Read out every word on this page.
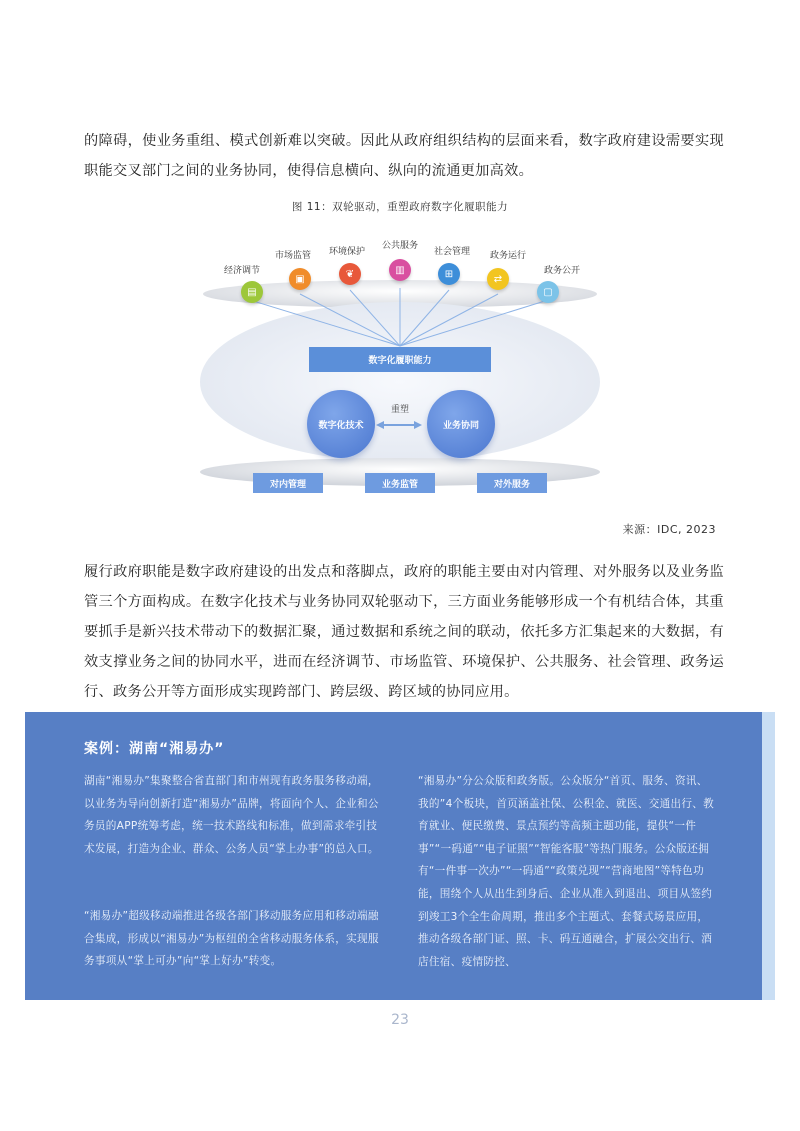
的障碍，使业务重组、模式创新难以突破。因此从政府组织结构的层面来看，数字政府建设需要实现职能交叉部门之间的业务协同，使得信息横向、纵向的流通更加高效。

图 11：双轮驱动，重塑政府数字化履职能力
经济调节
▤
市场监管
▣
环境保护
❦
公共服务
▥
社会管理
⊞
政务运行
⇄
政务公开
▢
数字化履职能力
数字化技术	业务协同
重塑
对内管理	业务监管	对外服务
来源：IDC, 2023

履行政府职能是数字政府建设的出发点和落脚点，政府的职能主要由对内管理、对外服务以及业务监管三个方面构成。在数字化技术与业务协同双轮驱动下，三方面业务能够形成一个有机结合体，其重要抓手是新兴技术带动下的数据汇聚，通过数据和系统之间的联动，依托多方汇集起来的大数据，有效支撑业务之间的协同水平，进而在经济调节、市场监管、环境保护、公共服务、社会管理、政务运行、政务公开等方面形成实现跨部门、跨层级、跨区域的协同应用。

案例：湖南“湘易办”

湖南“湘易办”集聚整合省直部门和市州现有政务服务移动端，以业务为导向创新打造“湘易办”品牌，将面向个人、企业和公务员的APP统筹考虑，统一技术路线和标准，做到需求牵引技术发展，打造为企业、群众、公务人员“掌上办事”的总入口。

“湘易办”超级移动端推进各级各部门移动服务应用和移动端融合集成，形成以“湘易办”为枢纽的全省移动服务体系，实现服务事项从“掌上可办”向“掌上好办”转变。

“湘易办”分公众版和政务版。公众版分“首页、服务、资讯、我的”4个板块，首页涵盖社保、公积金、就医、交通出行、教育就业、便民缴费、景点预约等高频主题功能，提供“一件事”“一码通”“电子证照”“智能客服”等热门服务。公众版还拥有“一件事一次办”“一码通”“政策兑现”“营商地图”等特色功能，围绕个人从出生到身后、企业从准入到退出、项目从签约到竣工3个全生命周期，推出多个主题式、套餐式场景应用，推动各级各部门证、照、卡、码互通融合，扩展公交出行、酒店住宿、疫情防控、

23
